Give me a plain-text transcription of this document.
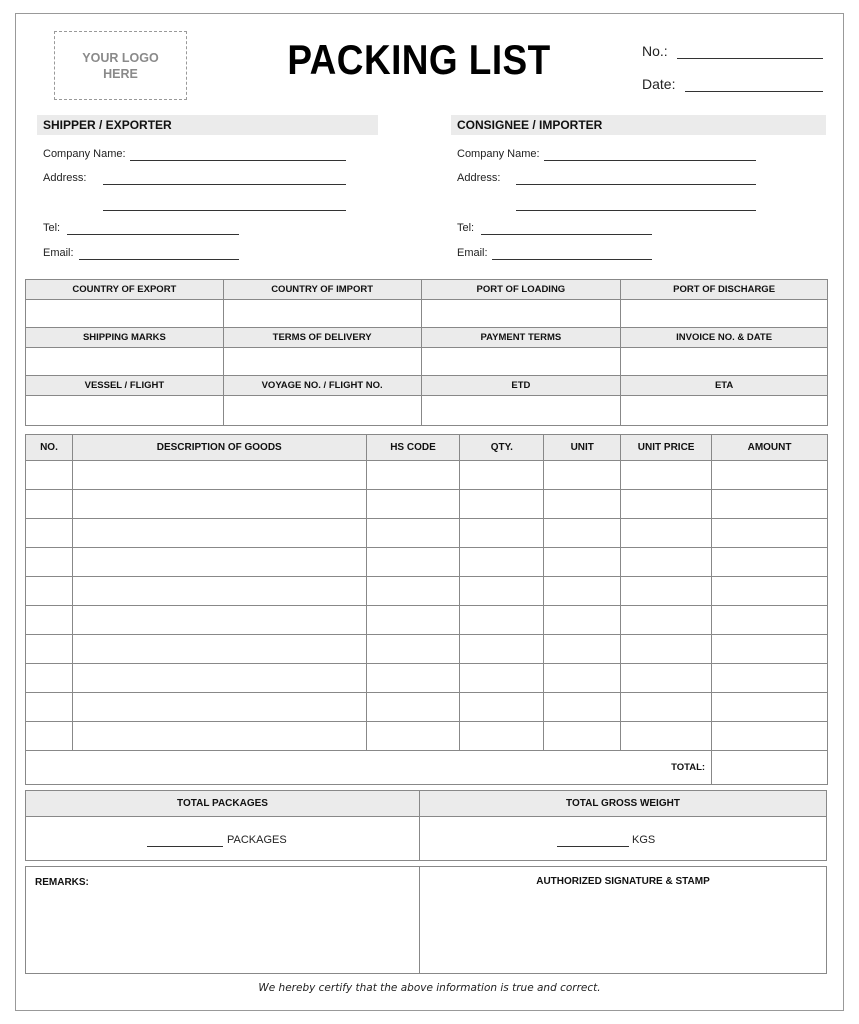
YOUR LOGO
HERE	PACKING LIST	No.:
Date:
SHIPPER / EXPORTER
Company Name:
Address:
Tel:
Email:
CONSIGNEE / IMPORTER
Company Name:
Address:
Tel:
Email:
COUNTRY OF EXPORT	COUNTRY OF IMPORT	PORT OF LOADING	PORT OF DISCHARGE

SHIPPING MARKS	TERMS OF DELIVERY	PAYMENT TERMS	INVOICE NO. & DATE

VESSEL / FLIGHT	VOYAGE NO. / FLIGHT NO.	ETD	ETA

NO.	DESCRIPTION OF GOODS	HS CODE	QTY.	UNIT	UNIT PRICE	AMOUNT

TOTAL:						
TOTAL PACKAGES
PACKAGES
TOTAL GROSS WEIGHT
KGS
REMARKS:	AUTHORIZED SIGNATURE & STAMP
We hereby certify that the above information is true and correct.
